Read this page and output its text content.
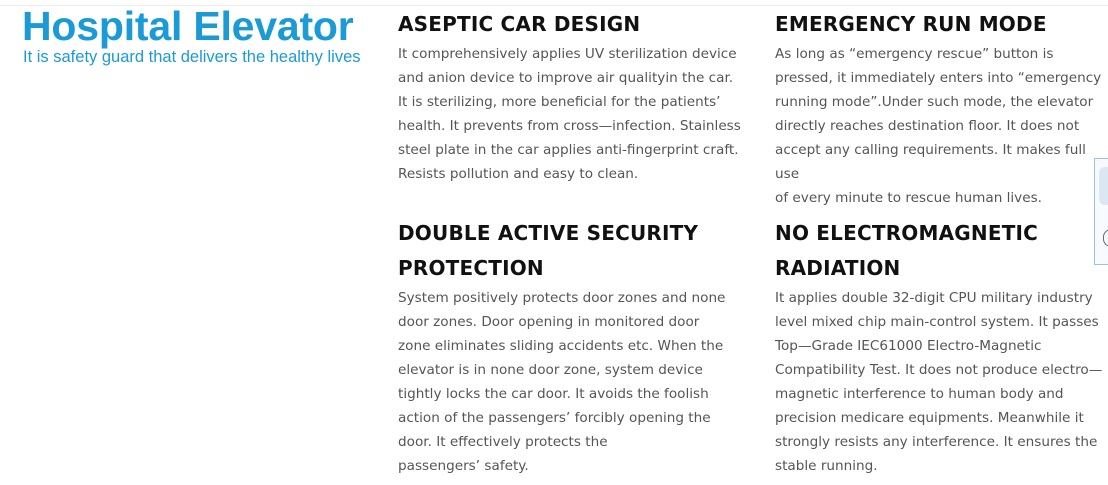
Hospital Elevator
It is safety guard that delivers the healthy lives
ASEPTIC CAR DESIGN
It comprehensively applies UV sterilization device
and anion device to improve air qualityin the car.
It is sterilizing, more beneficial for the patients’
health. It prevents from cross—infection. Stainless
steel plate in the car applies anti-fingerprint craft.
Resists pollution and easy to clean.
EMERGENCY RUN MODE
As long as “emergency rescue” button is
pressed, it immediately enters into “emergency
running mode”.Under such mode, the elevator
directly reaches destination floor. It does not
accept any calling requirements. It makes full use
of every minute to rescue human lives.
DOUBLE ACTIVE SECURITY
PROTECTION
System positively protects door zones and none
door zones. Door opening in monitored door
zone eliminates sliding accidents etc. When the
elevator is in none door zone, system device
tightly locks the car door. It avoids the foolish
action of the passengers’ forcibly opening the
door. It effectively protects the
passengers’ safety.
NO ELECTROMAGNETIC
RADIATION
It applies double 32-digit CPU military industry
level mixed chip main-control system. It passes
Top—Grade IEC61000 Electro-Magnetic
Compatibility Test. It does not produce electro—
magnetic interference to human body and
precision medicare equipments. Meanwhile it
strongly resists any interference. It ensures the
stable running.
